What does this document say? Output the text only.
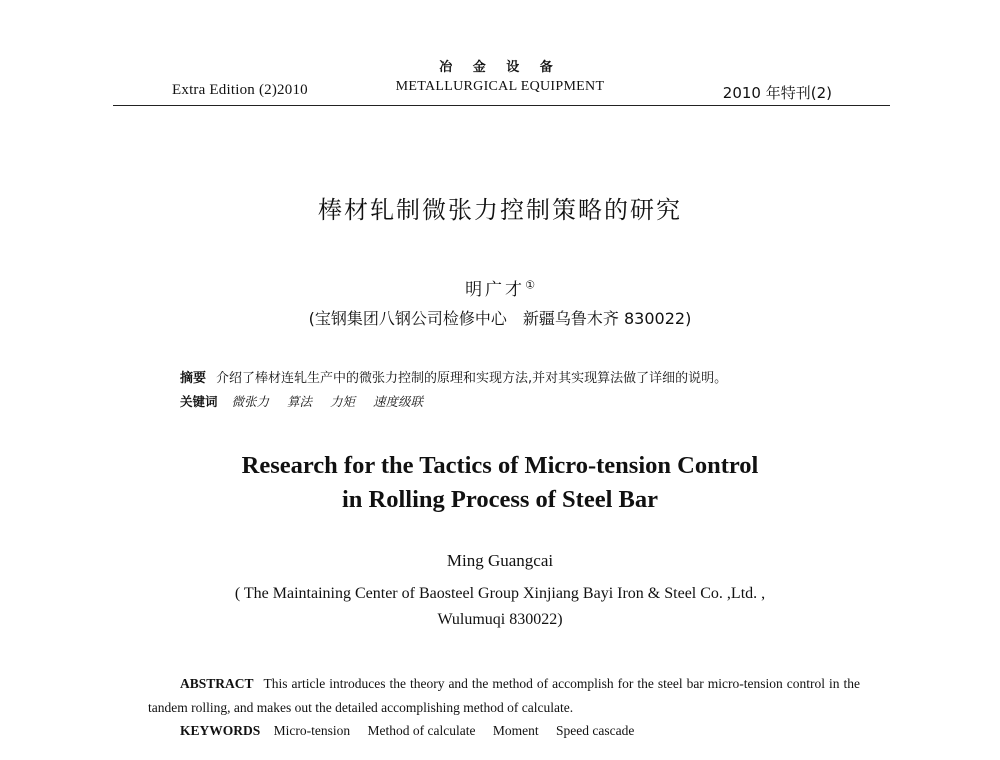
Extra Edition (2)2010
冶 金 设 备
METALLURGICAL EQUIPMENT	2010 年特刊(2)
棒材轧制微张力控制策略的研究
明广才①
(宝钢集团八钢公司检修中心　新疆乌鲁木齐 830022)
摘要 介绍了棒材连轧生产中的微张力控制的原理和实现方法,并对其实现算法做了详细的说明。
关键词 微张力 算法 力矩 速度级联
Research for the Tactics of Micro-tension Control
in Rolling Process of Steel Bar
Ming Guangcai
( The Maintaining Center of Baosteel Group Xinjiang Bayi Iron & Steel Co. ,Ltd. ,
Wulumuqi 830022)
ABSTRACT This article introduces the theory and the method of accomplish for the steel bar micro-tension control in the tandem rolling, and makes out the detailed accomplishing method of calculate.
KEYWORDS Micro-tension Method of calculate Moment Speed cascade
